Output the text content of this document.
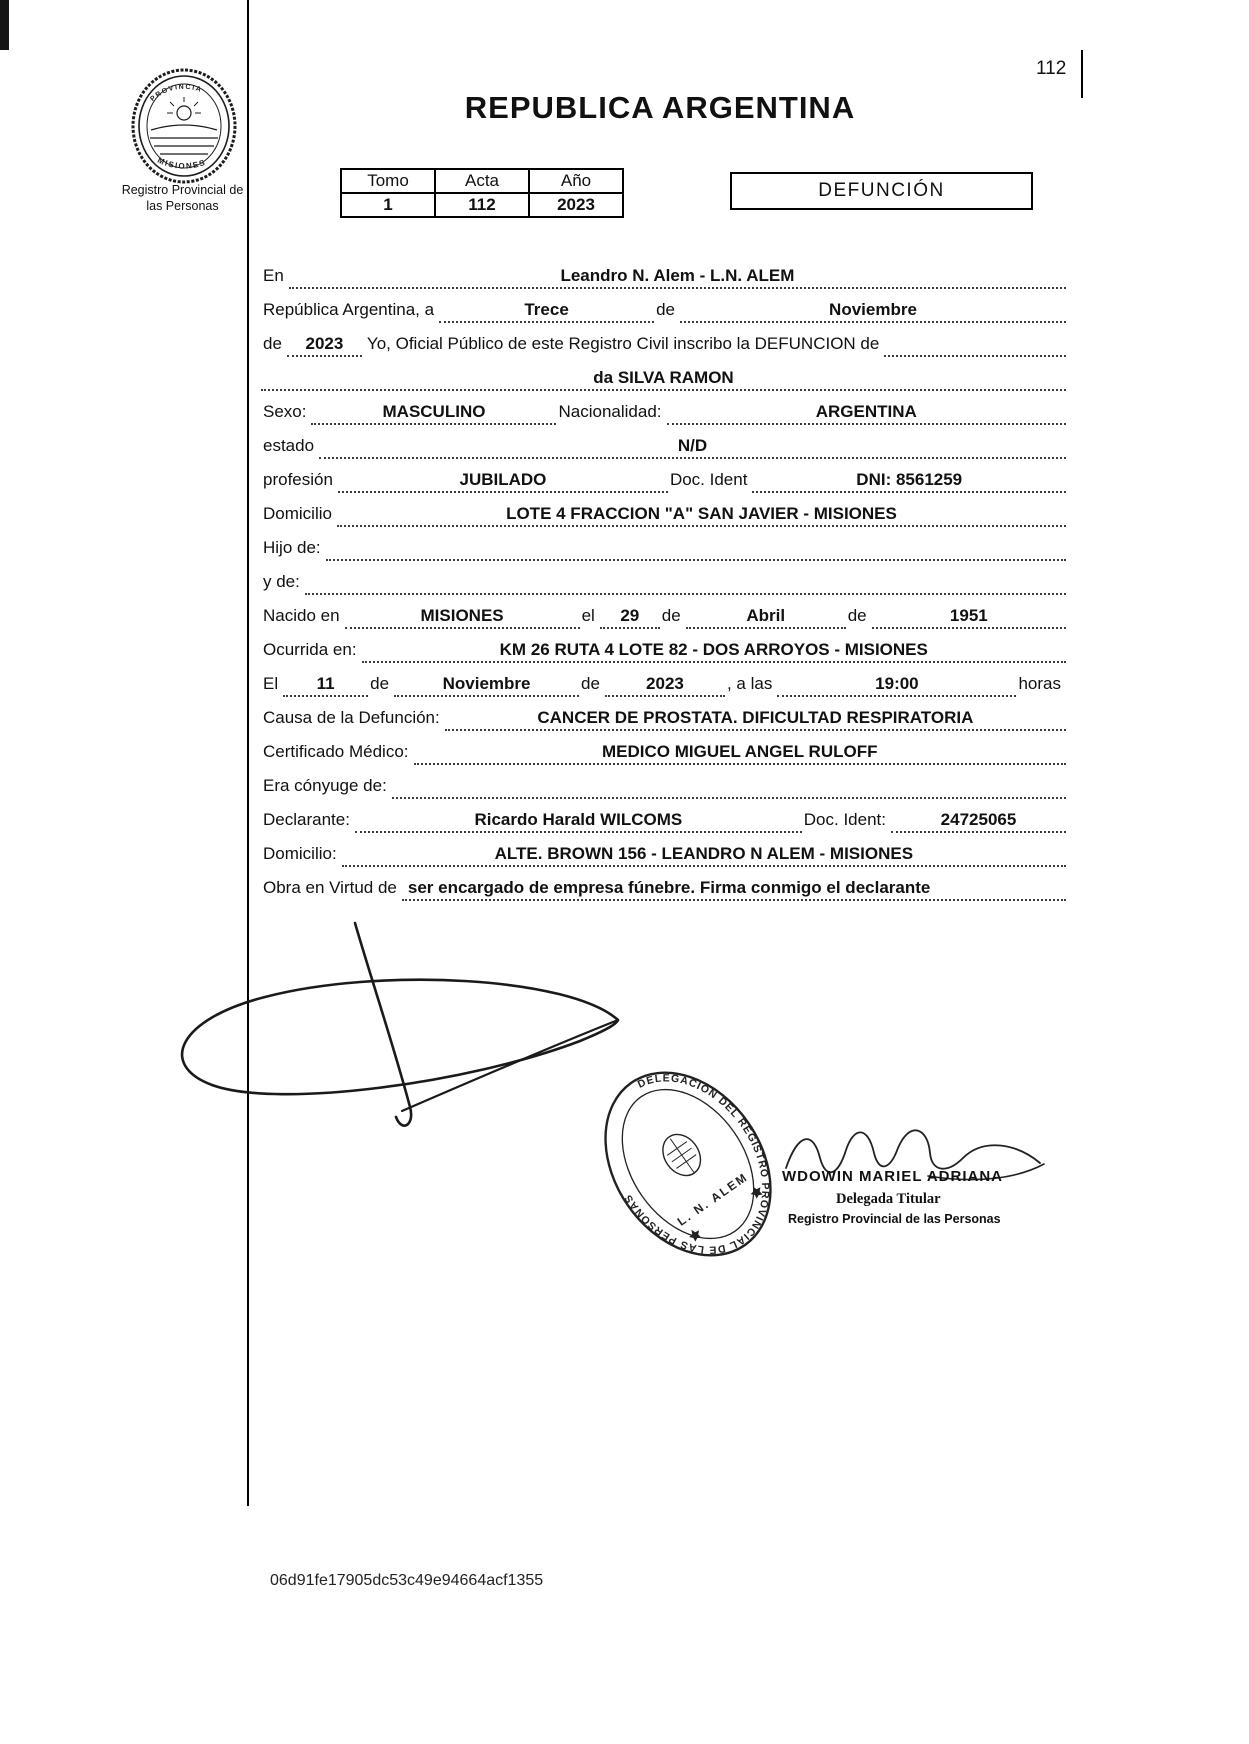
112
PROVINCIA
MISIONES
Registro Provincial de
las Personas
REPUBLICA ARGENTINA
Tomo	Acta	Año
1	112	2023
DEFUNCIÓN
En	Leandro N. Alem - L.N. ALEM
República Argentina, a	Trece	de	Noviembre
de	2023	Yo, Oficial Público de este Registro Civil inscribo la DEFUNCION de
da SILVA RAMON
Sexo:	MASCULINO	Nacionalidad:	ARGENTINA
estado	N/D
profesión	JUBILADO	Doc. Ident	DNI: 8561259
Domicilio	LOTE 4 FRACCION "A" SAN JAVIER - MISIONES
Hijo de:
y de:
Nacido en	MISIONES	el	29	de	Abril	de	1951
Ocurrida en:	KM 26 RUTA 4 LOTE 82 - DOS ARROYOS - MISIONES
El	11	de	Noviembre	de	2023	, a las	19:00	horas
Causa de la Defunción:	CANCER DE PROSTATA. DIFICULTAD RESPIRATORIA
Certificado Médico:	MEDICO MIGUEL ANGEL RULOFF
Era cónyuge de:
Declarante:	Ricardo Harald WILCOMS	Doc. Ident:	24725065
Domicilio:	ALTE. BROWN 156 - LEANDRO N ALEM - MISIONES
Obra en Virtud de ser encargado de empresa fúnebre. Firma conmigo el declarante
DELEGACION DEL REGISTRO PROVINCIAL DE LAS PERSONAS	L. N. ALEM WDOWIN MARIEL ADRIANA
Delegada Titular
Registro Provincial de las Personas
06d91fe17905dc53c49e94664acf1355
